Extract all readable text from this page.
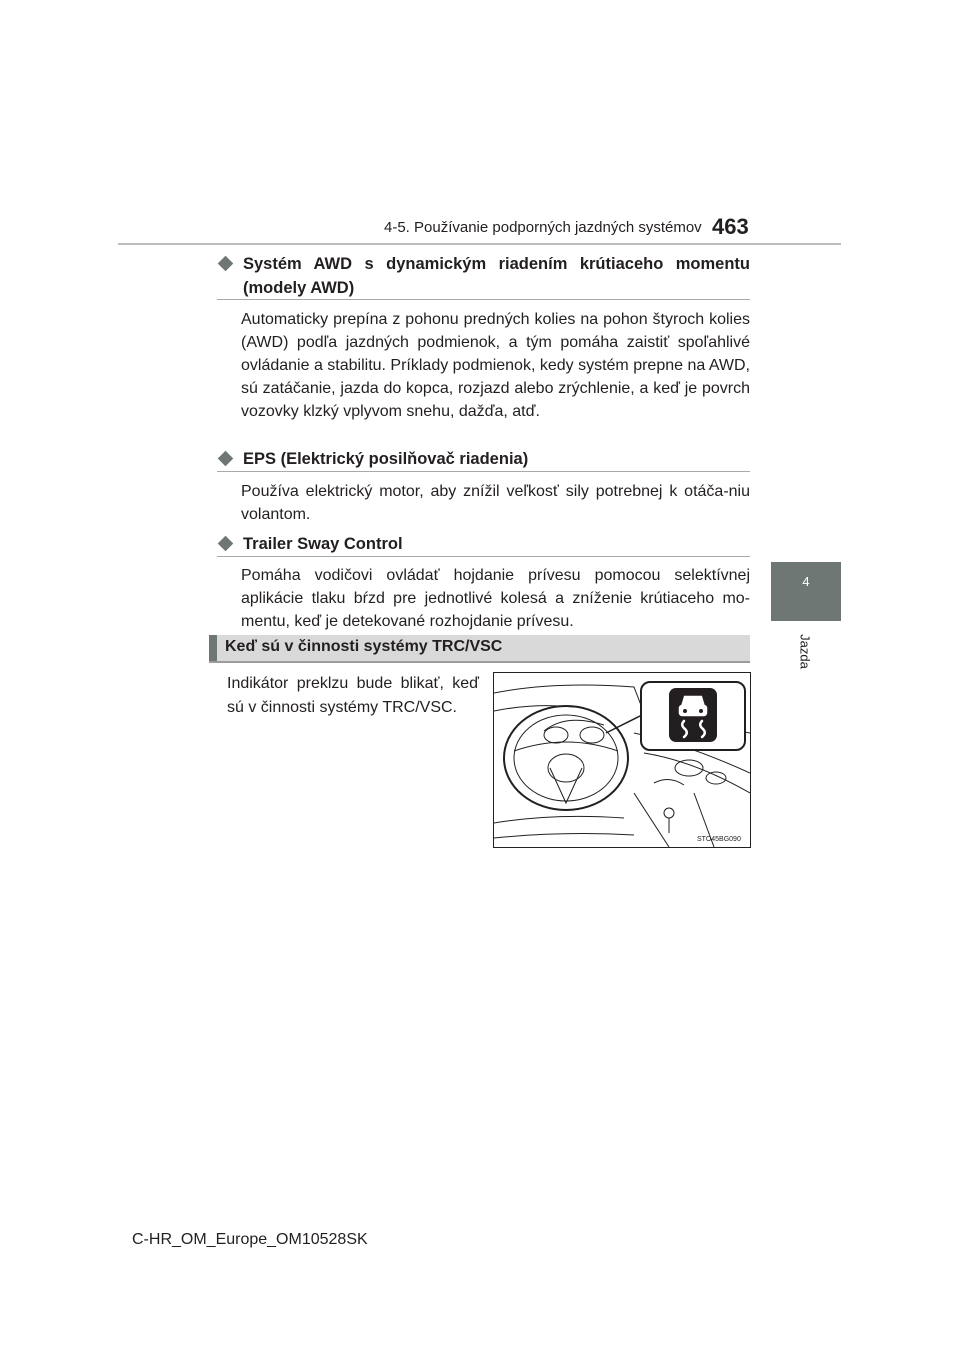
4-5. Používanie podporných jazdných systémov 463
4
Jazda
Systém AWD s dynamickým riadením krútiaceho momentu (modely AWD)
Automaticky prepína z pohonu predných kolies na pohon štyroch kolies (AWD) podľa jazdných podmienok, a tým pomáha zaistiť spoľahlivé ovládanie a stabilitu. Príklady podmienok, kedy systém prepne na AWD, sú zatáčanie, jazda do kopca, rozjazd alebo zrýchlenie, a keď je povrch vozovky klzký vplyvom snehu, dažďa, atď.
EPS (Elektrický posilňovač riadenia)
Používa elektrický motor, aby znížil veľkosť sily potrebnej k otáča-niu volantom.
Trailer Sway Control
Pomáha vodičovi ovládať hojdanie prívesu pomocou selektívnej aplikácie tlaku bŕzd pre jednotlivé kolesá a zníženie krútiaceho mo-mentu, keď je detekované rozhojdanie prívesu.
Keď sú v činnosti systémy TRC/VSC
Indikátor preklzu bude blikať, keď sú v činnosti systémy TRC/VSC.
STO45BG090
C-HR_OM_Europe_OM10528SK
